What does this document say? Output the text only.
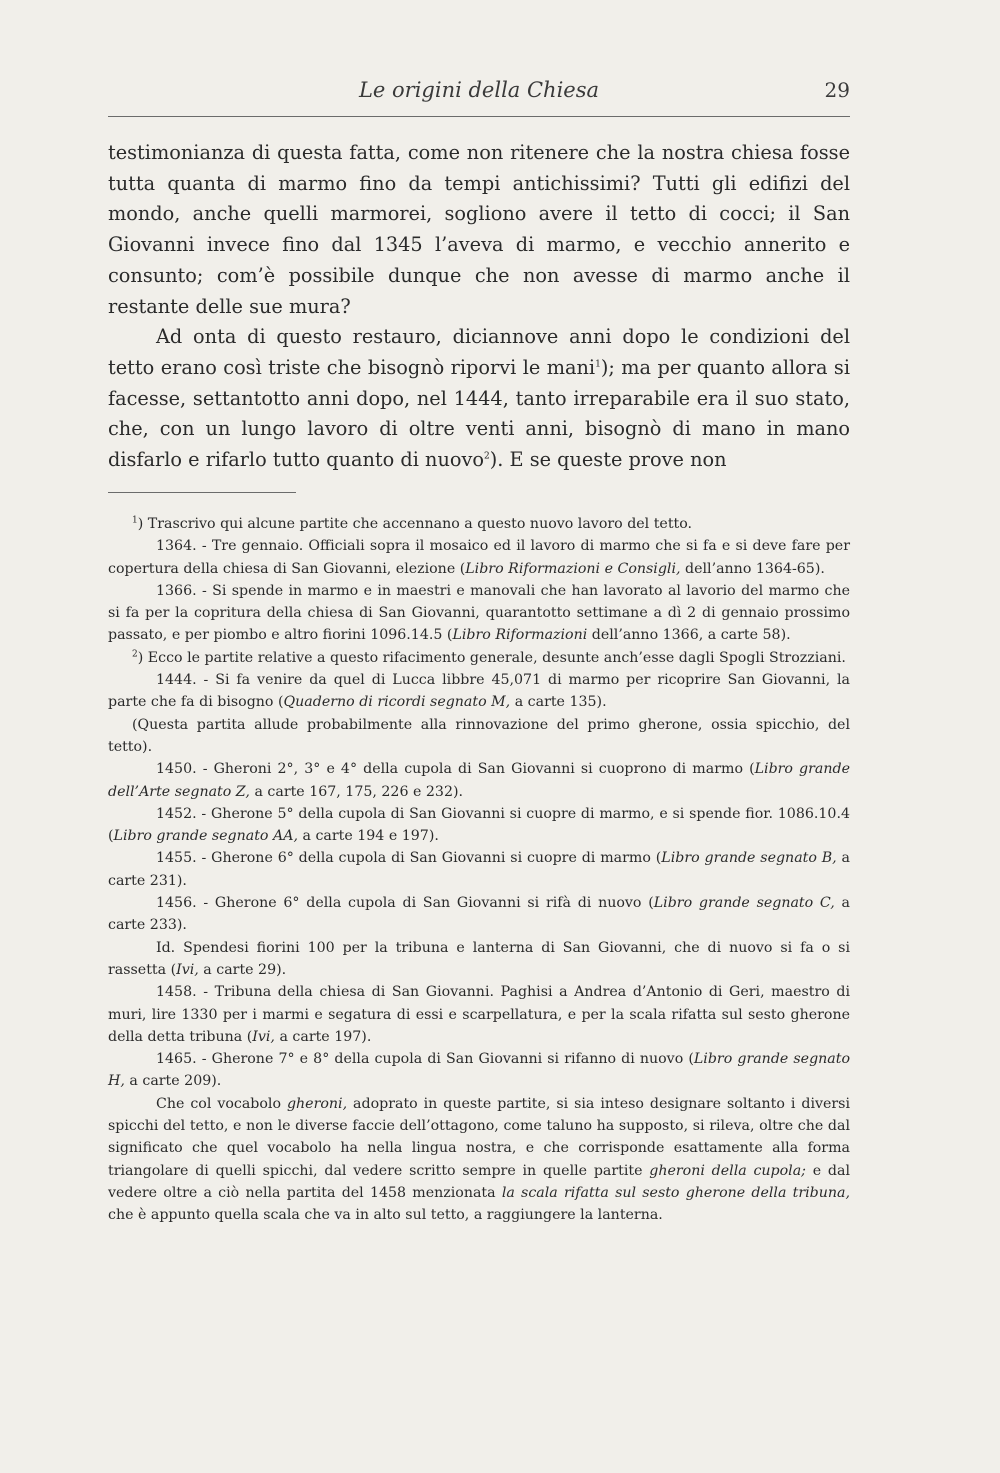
Le origini della Chiesa	29

testimonianza di questa fatta, come non ritenere che la nostra chiesa fosse tutta quanta di marmo fino da tempi antichissimi? Tutti gli edifizi del mondo, anche quelli marmorei, sogliono avere il tetto di cocci; il San Giovanni invece fino dal 1345 l’aveva di marmo, e vecchio annerito e consunto; com’è possibile dunque che non avesse di marmo anche il restante delle sue mura?

Ad onta di questo restauro, diciannove anni dopo le condizioni del tetto erano così triste che bisognò riporvi le mani$^1$); ma per quanto allora si facesse, settantotto anni dopo, nel 1444, tanto irreparabile era il suo stato, che, con un lungo lavoro di oltre venti anni, bisognò di mano in mano disfarlo e rifarlo tutto quanto di nuovo$^2$). E se queste prove non

$^1$) Trascrivo qui alcune partite che accennano a questo nuovo lavoro del tetto.

1364. - Tre gennaio. Officiali sopra il mosaico ed il lavoro di marmo che si fa e si deve fare per copertura della chiesa di San Giovanni, elezione (Libro Riformazioni e Consigli, dell’anno 1364-65).

1366. - Si spende in marmo e in maestri e manovali che han lavorato al lavorio del marmo che si fa per la copritura della chiesa di San Giovanni, quarantotto settimane a dì 2 di gennaio prossimo passato, e per piombo e altro fiorini 1096.14.5 (Libro Riformazioni dell’anno 1366, a carte 58).

$^2$) Ecco le partite relative a questo rifacimento generale, desunte anch’esse dagli Spogli Strozziani.

1444. - Si fa venire da quel di Lucca libbre 45,071 di marmo per ricoprire San Giovanni, la parte che fa di bisogno (Quaderno di ricordi segnato M, a carte 135).

(Questa partita allude probabilmente alla rinnovazione del primo gherone, ossia spicchio, del tetto).

1450. - Gheroni 2°, 3° e 4° della cupola di San Giovanni si cuoprono di marmo (Libro grande dell’Arte segnato Z, a carte 167, 175, 226 e 232).

1452. - Gherone 5° della cupola di San Giovanni si cuopre di marmo, e si spende fior. 1086.10.4 (Libro grande segnato AA, a carte 194 e 197).

1455. - Gherone 6° della cupola di San Giovanni si cuopre di marmo (Libro grande segnato B, a carte 231).

1456. - Gherone 6° della cupola di San Giovanni si rifà di nuovo (Libro grande segnato C, a carte 233).

Id. Spendesi fiorini 100 per la tribuna e lanterna di San Giovanni, che di nuovo si fa o si rassetta (Ivi, a carte 29).

1458. - Tribuna della chiesa di San Giovanni. Paghisi a Andrea d’Antonio di Geri, maestro di muri, lire 1330 per i marmi e segatura di essi e scarpellatura, e per la scala rifatta sul sesto gherone della detta tribuna (Ivi, a carte 197).

1465. - Gherone 7° e 8° della cupola di San Giovanni si rifanno di nuovo (Libro grande segnato H, a carte 209).

Che col vocabolo gheroni, adoprato in queste partite, si sia inteso designare soltanto i diversi spicchi del tetto, e non le diverse faccie dell’ottagono, come taluno ha supposto, si rileva, oltre che dal significato che quel vocabolo ha nella lingua nostra, e che corrisponde esattamente alla forma triangolare di quelli spicchi, dal vedere scritto sempre in quelle partite gheroni della cupola; e dal vedere oltre a ciò nella partita del 1458 menzionata la scala rifatta sul sesto gherone della tribuna, che è appunto quella scala che va in alto sul tetto, a raggiungere la lanterna.
